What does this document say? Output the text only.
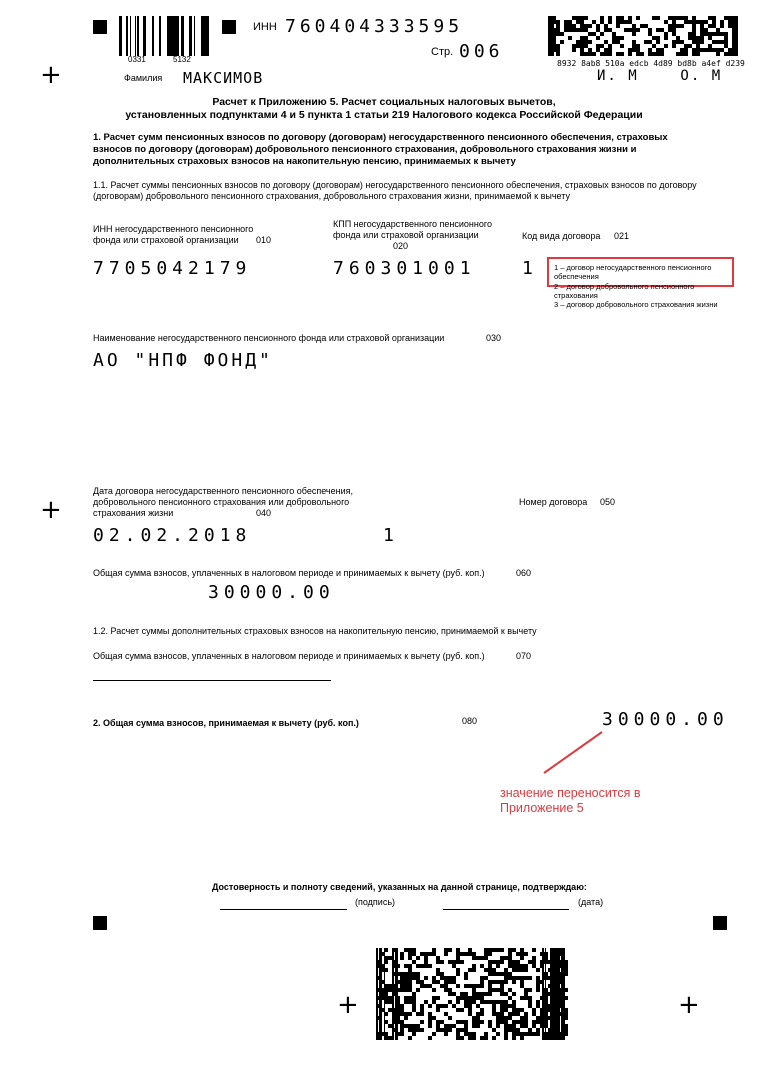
+
+
+	+
0331	5132
ИНН 760404333595
Стр. 006
Фамилия МАКСИМОВ
8932 8ab8 510a edcb 4d89 bd8b a4ef d239
И. М    О. М
Расчет к Приложению 5. Расчет социальных налоговых вычетов,
установленных подпунктами 4 и 5 пункта 1 статьи 219 Налогового кодекса Российской Федерации
1. Расчет сумм пенсионных взносов по договору (договорам) негосударственного пенсионного обеспечения, страховых взносов по договору (договорам) добровольного пенсионного страхования, добровольного страхования жизни и дополнительных страховых взносов на накопительную пенсию, принимаемых к вычету
1.1. Расчет суммы пенсионных взносов по договору (договорам) негосударственного пенсионного обеспечения, страховых взносов по договору (договорам) добровольного пенсионного страхования, добровольного страхования жизни, принимаемой к вычету
ИНН негосударственного пенсионного фонда или страховой организации	010
7705042179
КПП негосударственного пенсионного фонда или страховой организации
020
760301001
Код вида договора 021
1 1 – договор негосударственного пенсионного обеспечения
2 – договор добровольного пенсионного страхования
3 – договор добровольного страхования жизни
Наименование негосударственного пенсионного фонда или страховой организации	030
АО "НПФ ФОНД"
Дата договора негосударственного пенсионного обеспечения, добровольного пенсионного страхования или добровольного страхования жизни	040
02.02.2018
Номер договора 050
1
Общая сумма взносов, уплаченных в налоговом периоде и принимаемых к вычету (руб. коп.)	060
30000.00
1.2. Расчет суммы дополнительных страховых взносов на накопительную пенсию, принимаемой к вычету
Общая сумма взносов, уплаченных в налоговом периоде и принимаемых к вычету (руб. коп.)	070
2. Общая сумма взносов, принимаемая к вычету (руб. коп.)	080	30000.00
значение переносится в
Приложение 5
Достоверность и полноту сведений, указанных на данной странице, подтверждаю:
(подпись)	(дата)
